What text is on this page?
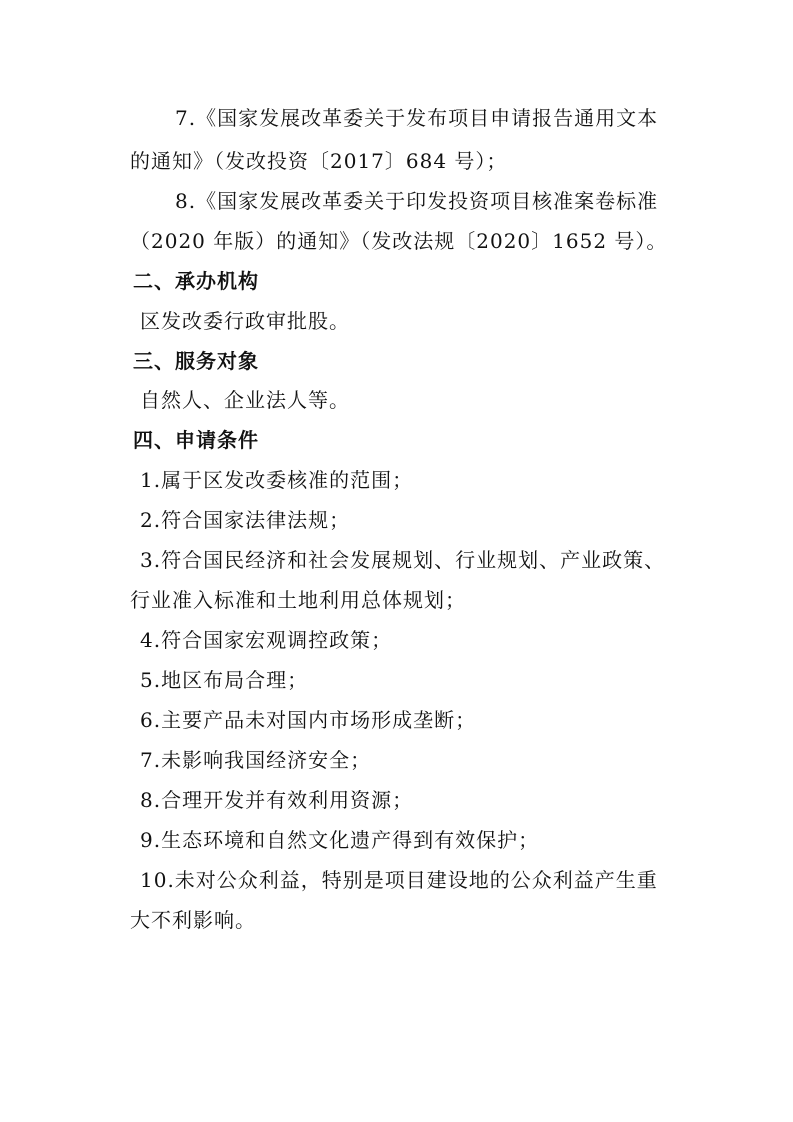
7.《国家发展改革委关于发布项目申请报告通用文本
的通知》（发改投资〔2017〕684 号）；
8.《国家发展改革委关于印发投资项目核准案卷标准
（2020 年版）的通知》（发改法规〔2020〕1652 号）。
二、承办机构
区发改委行政审批股。
三、服务对象
自然人、企业法人等。
四、申请条件
1.属于区发改委核准的范围；
2.符合国家法律法规；
3.符合国民经济和社会发展规划、行业规划、产业政策、
行业准入标准和土地利用总体规划；
4.符合国家宏观调控政策；
5.地区布局合理；
6.主要产品未对国内市场形成垄断；
7.未影响我国经济安全；
8.合理开发并有效利用资源；
9.生态环境和自然文化遗产得到有效保护；
10.未对公众利益，特别是项目建设地的公众利益产生重
大不利影响。
